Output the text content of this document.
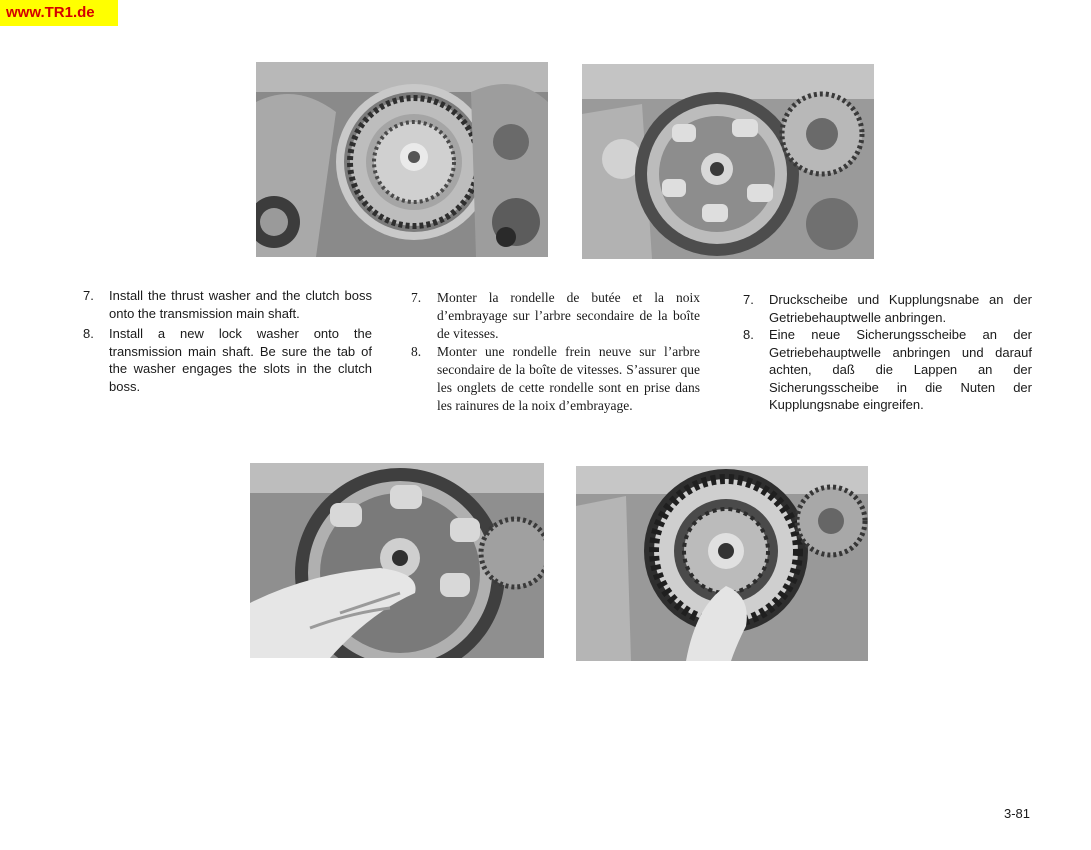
www.TR1.de
7. Install the thrust washer and the clutch boss onto the transmission main shaft.
8. Install a new lock washer onto the transmission main shaft. Be sure the tab of the washer engages the slots in the clutch boss.
7. Monter la rondelle de butée et la noix d’embrayage sur l’arbre secondaire de la boîte de vitesses.
8. Monter une rondelle frein neuve sur l’arbre secondaire de la boîte de vitesses. S’assurer que les onglets de cette rondelle sont en prise dans les rainures de la noix d’embrayage.
7. Druckscheibe und Kupplungsnabe an der Getriebehauptwelle anbringen.
8. Eine neue Sicherungsscheibe an der Getriebehauptwelle anbringen und darauf achten, daß die Lappen an der Sicherungsscheibe in die Nuten der Kupplungsnabe eingreifen.
3-81
